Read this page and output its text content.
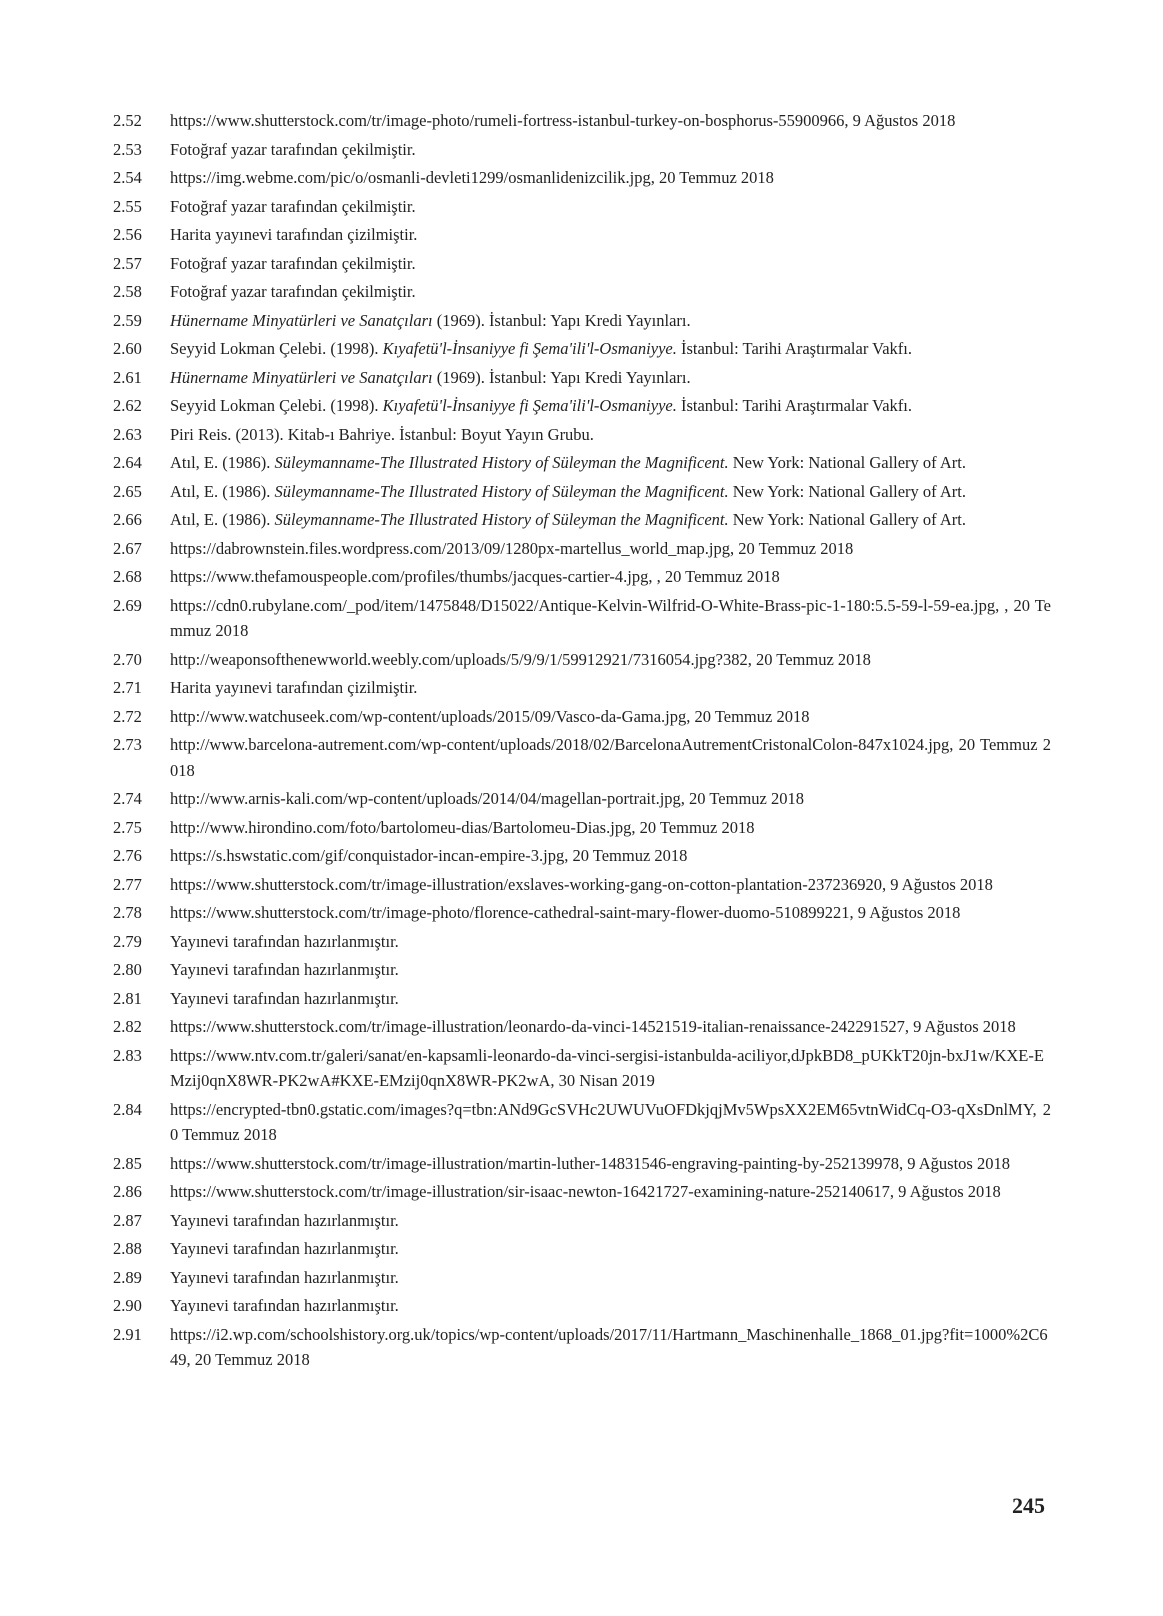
2.52	https://www.shutterstock.com/tr/image-photo/rumeli-fortress-istanbul-turkey-on-bosphorus-55900966, 9 Ağustos 2018
2.53	Fotoğraf yazar tarafından çekilmiştir.
2.54	https://img.webme.com/pic/o/osmanli-devleti1299/osmanlidenizcilik.jpg, 20 Temmuz 2018
2.55	Fotoğraf yazar tarafından çekilmiştir.
2.56	Harita yayınevi tarafından çizilmiştir.
2.57	Fotoğraf yazar tarafından çekilmiştir.
2.58	Fotoğraf yazar tarafından çekilmiştir.
2.59	Hünername Minyatürleri ve Sanatçıları (1969). İstanbul: Yapı Kredi Yayınları.
2.60	Seyyid Lokman Çelebi. (1998). Kıyafetü'l-İnsaniyye fi Şema'ili'l-Osmaniyye. İstanbul: Tarihi Araştırmalar Vakfı.
2.61	Hünername Minyatürleri ve Sanatçıları (1969). İstanbul: Yapı Kredi Yayınları.
2.62	Seyyid Lokman Çelebi. (1998). Kıyafetü'l-İnsaniyye fi Şema'ili'l-Osmaniyye. İstanbul: Tarihi Araştırmalar Vakfı.
2.63	Piri Reis. (2013). Kitab-ı Bahriye. İstanbul: Boyut Yayın Grubu.
2.64	Atıl, E. (1986). Süleymanname-The Illustrated History of Süleyman the Magnificent. New York: National Gallery of Art.
2.65	Atıl, E. (1986). Süleymanname-The Illustrated History of Süleyman the Magnificent. New York: National Gallery of Art.
2.66	Atıl, E. (1986). Süleymanname-The Illustrated History of Süleyman the Magnificent. New York: National Gallery of Art.
2.67	https://dabrownstein.files.wordpress.com/2013/09/1280px-martellus_world_map.jpg, 20 Temmuz 2018
2.68	https://www.thefamouspeople.com/profiles/thumbs/jacques-cartier-4.jpg, , 20 Temmuz 2018
2.69	https://cdn0.rubylane.com/_pod/item/1475848/D15022/Antique-Kelvin-Wilfrid-O-White-Brass-pic-1-180:5.5-59-l-59-ea.jpg, , 20 Temmuz 2018
2.70	http://weaponsofthenewworld.weebly.com/uploads/5/9/9/1/59912921/7316054.jpg?382, 20 Temmuz 2018
2.71	Harita yayınevi tarafından çizilmiştir.
2.72	http://www.watchuseek.com/wp-content/uploads/2015/09/Vasco-da-Gama.jpg, 20 Temmuz 2018
2.73	http://www.barcelona-autrement.com/wp-content/uploads/2018/02/BarcelonaAutrementCristonalColon-847x1024.jpg, 20 Temmuz 2018
2.74	http://www.arnis-kali.com/wp-content/uploads/2014/04/magellan-portrait.jpg, 20 Temmuz 2018
2.75	http://www.hirondino.com/foto/bartolomeu-dias/Bartolomeu-Dias.jpg, 20 Temmuz 2018
2.76	https://s.hswstatic.com/gif/conquistador-incan-empire-3.jpg, 20 Temmuz 2018
2.77	https://www.shutterstock.com/tr/image-illustration/exslaves-working-gang-on-cotton-plantation-237236920, 9 Ağustos 2018
2.78	https://www.shutterstock.com/tr/image-photo/florence-cathedral-saint-mary-flower-duomo-510899221, 9 Ağustos 2018
2.79	Yayınevi tarafından hazırlanmıştır.
2.80	Yayınevi tarafından hazırlanmıştır.
2.81	Yayınevi tarafından hazırlanmıştır.
2.82	https://www.shutterstock.com/tr/image-illustration/leonardo-da-vinci-14521519-italian-renaissance-242291527, 9 Ağustos 2018
2.83	https://www.ntv.com.tr/galeri/sanat/en-kapsamli-leonardo-da-vinci-sergisi-istanbulda-aciliyor,dJpkBD8_pUKkT20jn-bxJ1w/KXE-EMzij0qnX8WR-PK2wA#KXE-EMzij0qnX8WR-PK2wA, 30 Nisan 2019
2.84	https://encrypted-tbn0.gstatic.com/images?q=tbn:ANd9GcSVHc2UWUVuOFDkjqjMv5WpsXX2EM65vtnWidCq-O3-qXsDnlMY, 20 Temmuz 2018
2.85	https://www.shutterstock.com/tr/image-illustration/martin-luther-14831546-engraving-painting-by-252139978, 9 Ağustos 2018
2.86	https://www.shutterstock.com/tr/image-illustration/sir-isaac-newton-16421727-examining-nature-252140617, 9 Ağustos 2018
2.87	Yayınevi tarafından hazırlanmıştır.
2.88	Yayınevi tarafından hazırlanmıştır.
2.89	Yayınevi tarafından hazırlanmıştır.
2.90	Yayınevi tarafından hazırlanmıştır.
2.91	https://i2.wp.com/schoolshistory.org.uk/topics/wp-content/uploads/2017/11/Hartmann_Maschinenhalle_1868_01.jpg?fit=1000%2C649, 20 Temmuz 2018
245
